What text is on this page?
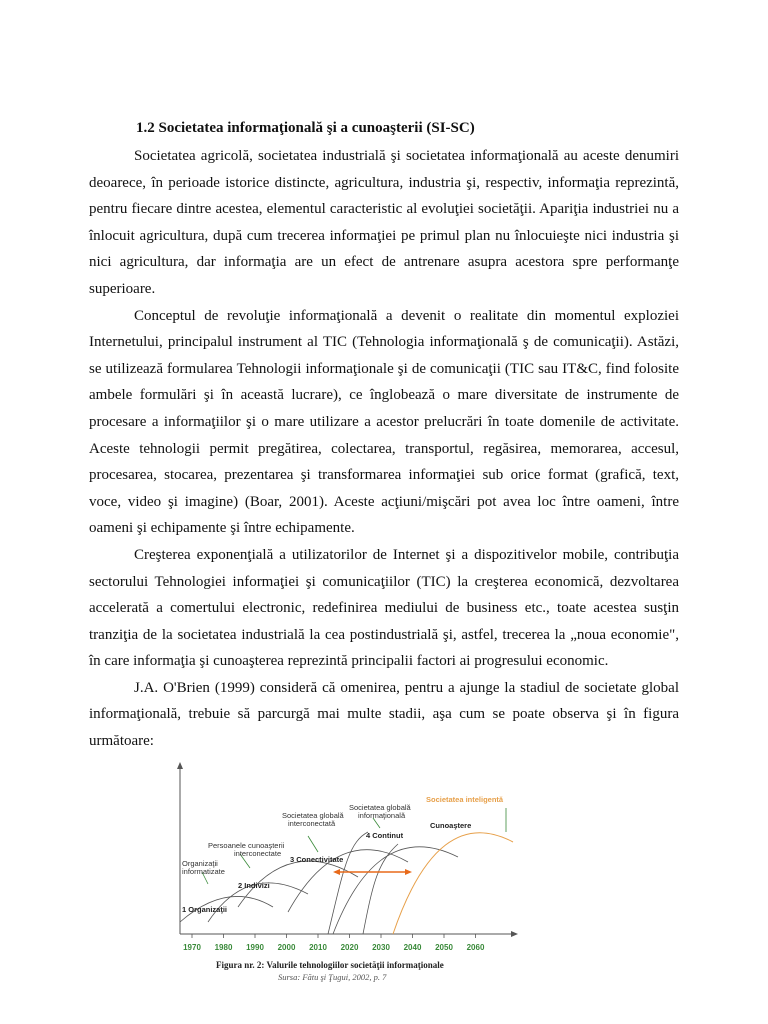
1.2 Societatea informaţională şi a cunoaşterii (SI-SC)

Societatea agricolă, societatea industrială şi societatea informaţională au aceste denumiri deoarece, în perioade istorice distincte, agricultura, industria şi, respectiv, informaţia reprezintă, pentru fiecare dintre acestea, elementul caracteristic al evoluţiei societăţii. Apariţia industriei nu a înlocuit agricultura, după cum trecerea informaţiei pe primul plan nu înlocuieşte nici industria şi nici agricultura, dar informaţia are un efect de antrenare asupra acestora spre performanţe superioare.

Conceptul de revoluţie informaţională a devenit o realitate din momentul exploziei Internetului, principalul instrument al TIC (Tehnologia informaţională ş de comunicaţii). Astăzi, se utilizează formularea Tehnologii informaţionale şi de comunicaţii (TIC sau IT&C, find folosite ambele formulări şi în această lucrare), ce înglobează o mare diversitate de instrumente de procesare a informaţiilor şi o mare utilizare a acestor prelucrări în toate domenile de activitate. Aceste tehnologii permit pregătirea, colectarea, transportul, regăsirea, memorarea, accesul, procesarea, stocarea, prezentarea şi transformarea informaţiei sub orice format (grafică, text, voce, video şi imagine) (Boar, 2001). Aceste acţiuni/mişcări pot avea loc între oameni, între oameni şi echipamente şi între echipamente.

Creşterea exponenţială a utilizatorilor de Internet şi a dispozitivelor mobile, contribuţia sectorului Tehnologiei informaţiei şi comunicaţiilor (TIC) la creşterea economică, dezvoltarea accelerată a comertului electronic, redefinirea mediului de business etc., toate acestea susţin tranziţia de la societatea industrială la cea postindustrială şi, astfel, trecerea la „noua economie", în care informaţia şi cunoaşterea reprezintă principalii factori ai progresului economic.

J.A. O'Brien (1999) consideră că omenirea, pentru a ajunge la stadiul de societate global informaţională, trebuie să parcurgă mai multe stadii, aşa cum se poate observa şi în figura următoare:

Organizaţii
informatizate
Persoanele cunoaşterii
interconectate
Societatea globală
interconectată
Societatea globală
informaţională
Societatea inteligentă
1 Organizaţii
2 Indivizi
3 Conectivitate
4 Continut
Cunoaştere
1970 1980 1990 2000 2010 2020 2030 2040 2050 2060
Figura nr. 2: Valurile tehnologiilor societăţii informaţionale
Sursa: Fătu şi Ţugui, 2002, p. 7
